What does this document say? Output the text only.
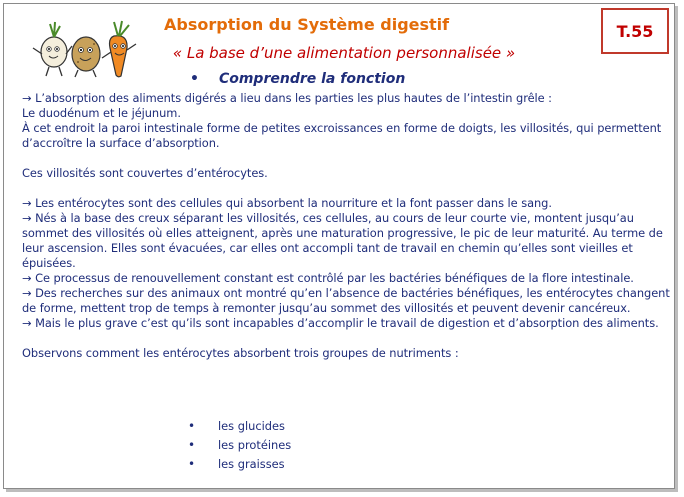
Absorption du Système digestif
« La base d’une alimentation personnalisée »
• Comprendre la fonction

→ L’absorption des aliments digérés a lieu dans les parties les plus hautes de l’intestin grêle :

Le duodénum et le jéjunum.

À cet endroit la paroi intestinale forme de petites excroissances en forme de doigts, les villosités, qui permettent d’accroître la surface d’absorption.

Ces villosités sont couvertes d’entérocytes.

→ Les entérocytes sont des cellules qui absorbent la nourriture et la font passer dans le sang.

→ Nés à la base des creux séparant les villosités, ces cellules, au cours de leur courte vie, montent jusqu’au sommet des villosités où elles atteignent, après une maturation progressive, le pic de leur maturité. Au terme de leur ascension. Elles sont évacuées, car elles ont accompli tant de travail en chemin qu’elles sont vieilles et épuisées.

→ Ce processus de renouvellement constant est contrôlé par les bactéries bénéfiques de la flore intestinale.

→ Des recherches sur des animaux ont montré qu’en l’absence de bactéries bénéfiques, les entérocytes changent de forme, mettent trop de temps à remonter jusqu’au sommet des villosités et peuvent devenir cancéreux.

→ Mais le plus grave c’est qu’ils sont incapables d’accomplir le travail de digestion et d’absorption des aliments.

Observons comment les entérocytes absorbent trois groupes de nutriments :

• les glucides
• les protéines
• les graisses
T.55
